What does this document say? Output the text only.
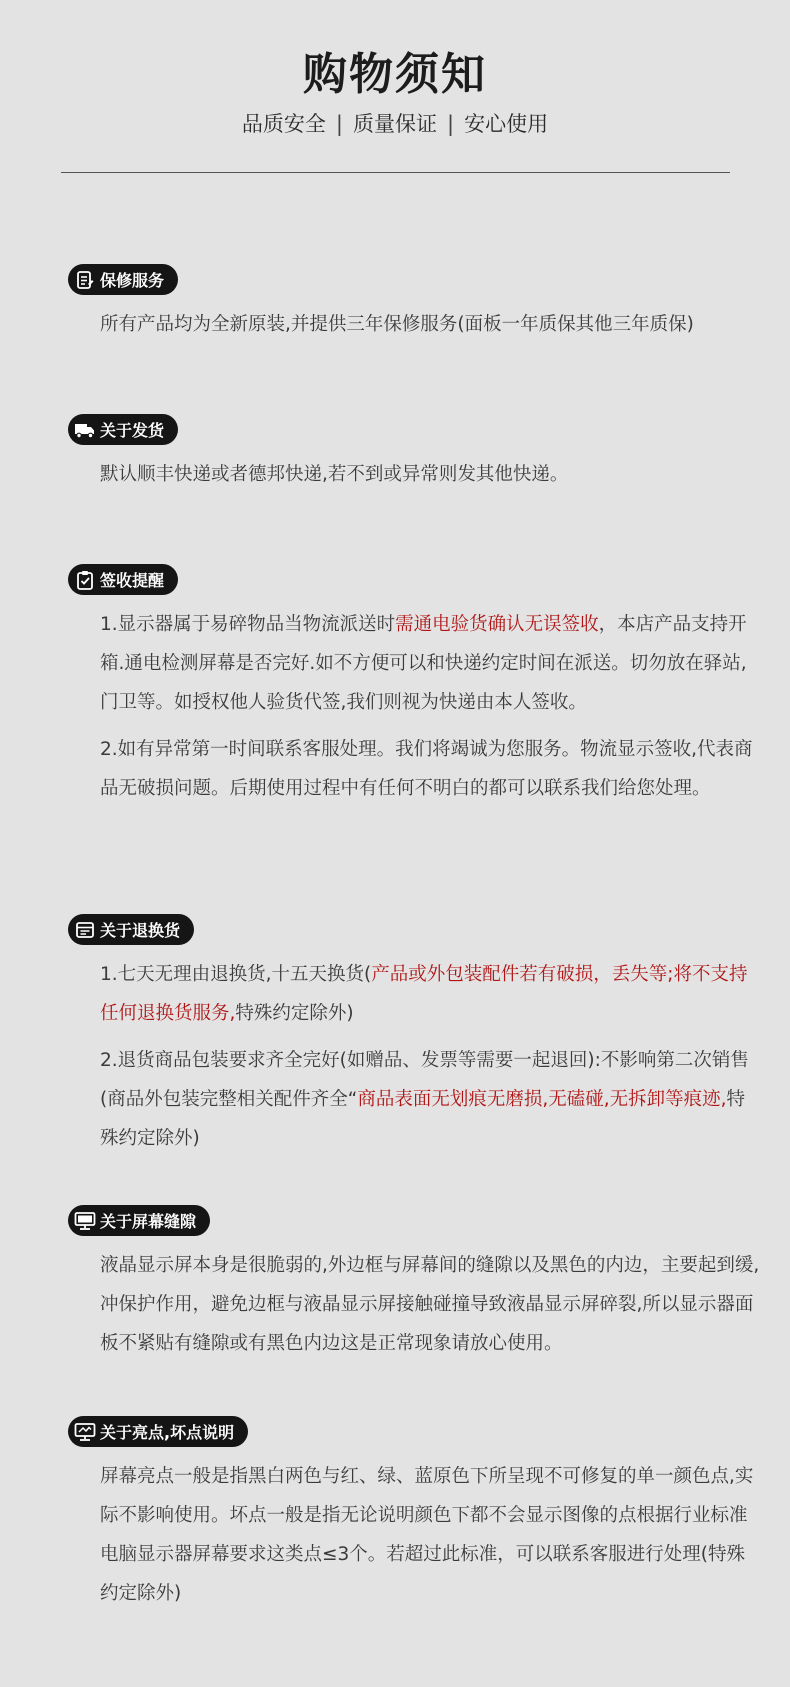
购物须知
品质安全 | 质量保证 | 安心使用
保修服务

所有产品均为全新原装,并提供三年保修服务(面板一年质保其他三年质保)

关于发货

默认顺丰快递或者德邦快递,若不到或异常则发其他快递。

签收提醒

1.显示器属于易碎物品当物流派送时需通电验货确认无误签收，本店产品支持开箱.通电检测屏幕是否完好.如不方便可以和快递约定时间在派送。切勿放在驿站,门卫等。如授权他人验货代签,我们则视为快递由本人签收。

2.如有异常第一时间联系客服处理。我们将竭诚为您服务。物流显示签收,代表商品无破损问题。后期使用过程中有任何不明白的都可以联系我们给您处理。

关于退换货

1.七天无理由退换货,十五天换货(产品或外包装配件若有破损，丢失等;将不支持任何退换货服务,特殊约定除外)

2.退货商品包装要求齐全完好(如赠品、发票等需要一起退回):不影响第二次销售(商品外包装完整相关配件齐全“商品表面无划痕无磨损,无磕碰,无拆卸等痕迹,特殊约定除外)

关于屏幕缝隙

液晶显示屏本身是很脆弱的,外边框与屏幕间的缝隙以及黑色的内边，主要起到缓,冲保护作用，避免边框与液晶显示屏接触碰撞导致液晶显示屏碎裂,所以显示器面板不紧贴有缝隙或有黑色内边这是正常现象请放心使用。

关于亮点,坏点说明

屏幕亮点一般是指黑白两色与红、绿、蓝原色下所呈现不可修复的单一颜色点,实际不影响使用。坏点一般是指无论说明颜色下都不会显示图像的点根据行业标准电脑显示器屏幕要求这类点≤3个。若超过此标准，可以联系客服进行处理(特殊约定除外)
